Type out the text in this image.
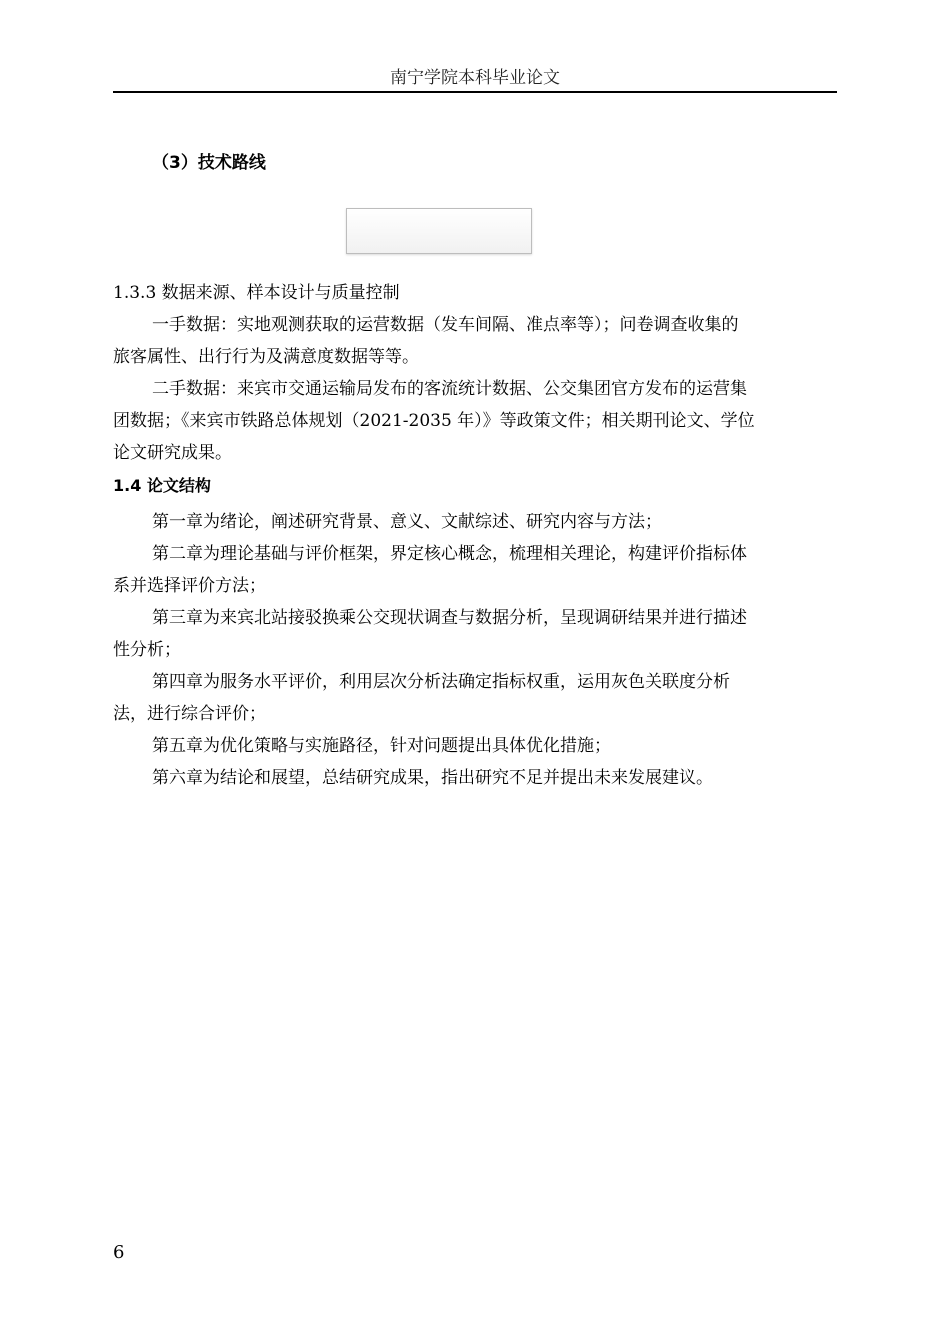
南宁学院本科毕业论文
（3）技术路线
1.3.3 数据来源、样本设计与质量控制
一手数据：实地观测获取的运营数据（发车间隔、准点率等）；问卷调查收集的
旅客属性、出行行为及满意度数据等等。
二手数据：来宾市交通运输局发布的客流统计数据、公交集团官方发布的运营集
团数据；《来宾市铁路总体规划（2021-2035 年）》等政策文件；相关期刊论文、学位
论文研究成果。
1.4 论文结构
第一章为绪论，阐述研究背景、意义、文献综述、研究内容与方法；
第二章为理论基础与评价框架，界定核心概念，梳理相关理论，构建评价指标体
系并选择评价方法；
第三章为来宾北站接驳换乘公交现状调查与数据分析，呈现调研结果并进行描述
性分析；
第四章为服务水平评价，利用层次分析法确定指标权重，运用灰色关联度分析
法，进行综合评价；
第五章为优化策略与实施路径，针对问题提出具体优化措施；
第六章为结论和展望，总结研究成果，指出研究不足并提出未来发展建议。
6
